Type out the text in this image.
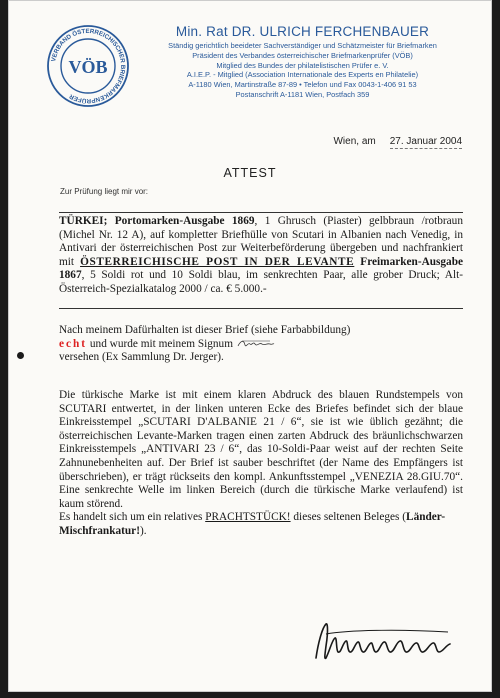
VERBAND ÖSTERREICHISCHER BRIEFMARKENPRÜFER
VÖB
Min. Rat DR. ULRICH FERCHENBAUER
Ständig gerichtlich beeideter Sachverständiger und Schätzmeister für Briefmarken
Präsident des Verbandes österreichischer Briefmarkenprüfer (VÖB)
Mitglied des Bundes der philatelistischen Prüfer e. V.
A.I.E.P. - Mitglied (Association Internationale des Experts en Philatelie)
A-1180 Wien, Martinstraße 87-89 • Telefon und Fax 0043-1-406 91 53
Postanschrift A-1181 Wien, Postfach 359
Wien, am 27. Januar 2004
ATTEST
Zur Prüfung liegt mir vor:

TÜRKEI; Portomarken-Ausgabe 1869, 1 Ghrusch (Piaster) gelbbraun /rotbraun (Michel Nr. 12 A), auf kompletter Briefhülle von Scutari in Albanien nach Venedig, in Antivari der österreichischen Post zur Weiterbeförderung übergeben und nachfrankiert mit ÖSTERREICHISCHE POST IN DER LEVANTE Freimarken-Ausgabe 1867, 5 Soldi rot und 10 Soldi blau, im senkrechten Paar, alle grober Druck; Alt-Österreich-Spezialkatalog 2000 / ca. € 5.000.-

Nach meinem Dafürhalten ist dieser Brief (siehe Farbabbildung)
echt und wurde mit meinem Signum
versehen (Ex Sammlung Dr. Jerger).

Die türkische Marke ist mit einem klaren Abdruck des blauen Rundstempels von SCUTARI entwertet, in der linken unteren Ecke des Briefes befindet sich der blaue Einkreisstempel „SCUTARI D'ALBANIE 21 / 6“, sie ist wie üblich gezähnt; die österreichischen Levante-Marken tragen einen zarten Abdruck des bräunlichschwarzen Einkreisstempels „ANTIVARI 23 / 6“, das 10-Soldi-Paar weist auf der rechten Seite Zahnunebenheiten auf. Der Brief ist sauber beschriftet (der Name des Empfängers ist überschrieben), er trägt rückseits den kompl. Ankunftsstempel „VENEZIA 28.GIU.70“. Eine senkrechte Welle im linken Bereich (durch die türkische Marke verlaufend) ist kaum störend.

Es handelt sich um ein relatives PRACHTSTÜCK! dieses seltenen Beleges (Länder-Mischfrankatur!).
